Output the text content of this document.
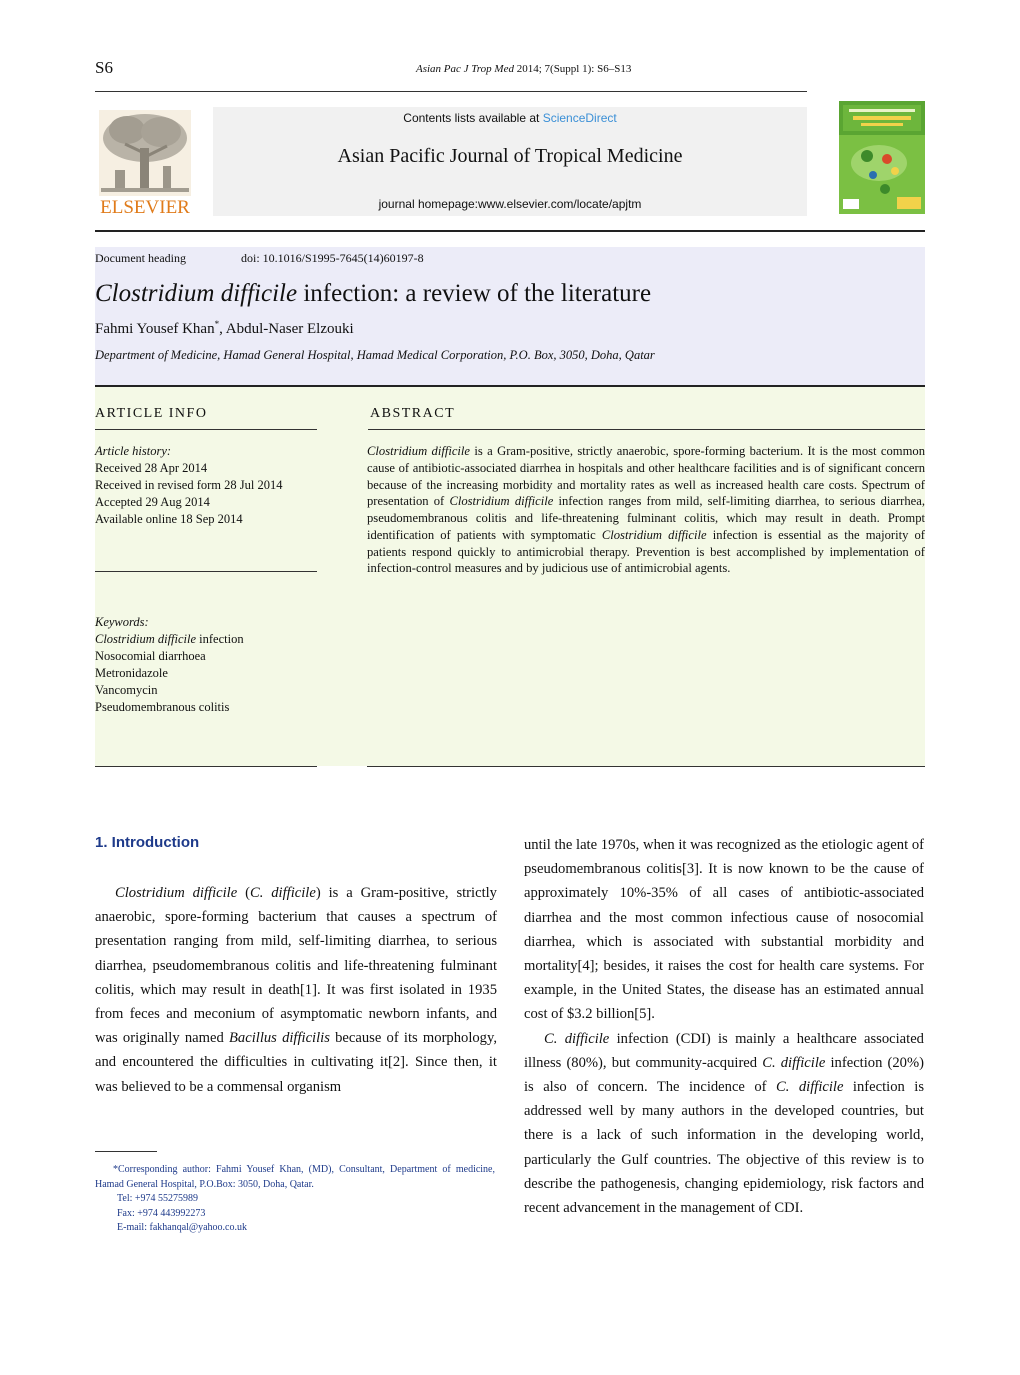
S6	Asian Pac J Trop Med 2014; 7(Suppl 1): S6–S13
ELSEVIER
Contents lists available at ScienceDirect
Asian Pacific Journal of Tropical Medicine
journal homepage:www.elsevier.com/locate/apjtm
Document heading	doi: 10.1016/S1995-7645(14)60197-8
Clostridium difficile infection: a review of the literature
Fahmi Yousef Khan*, Abdul-Naser Elzouki
Department of Medicine, Hamad General Hospital, Hamad Medical Corporation, P.O. Box, 3050, Doha, Qatar
ARTICLE INFO	ABSTRACT
Article history:
Received 28 Apr 2014
Received in revised form 28 Jul 2014
Accepted 29 Aug 2014
Available online 18 Sep 2014
Keywords:
Clostridium difficile infection
Nosocomial diarrhoea
Metronidazole
Vancomycin
Pseudomembranous colitis
Clostridium difficile is a Gram-positive, strictly anaerobic, spore-forming bacterium. It is the most common cause of antibiotic-associated diarrhea in hospitals and other healthcare facilities and is of significant concern because of the increasing morbidity and mortality rates as well as increased health care costs. Spectrum of presentation of Clostridium difficile infection ranges from mild, self-limiting diarrhea, to serious diarrhea, pseudomembranous colitis and life-threatening fulminant colitis, which may result in death. Prompt identification of patients with symptomatic Clostridium difficile infection is essential as the majority of patients respond quickly to antimicrobial therapy. Prevention is best accomplished by implementation of infection-control measures and by judicious use of antimicrobial agents.
1. Introduction

Clostridium difficile (C. difficile) is a Gram-positive, strictly anaerobic, spore-forming bacterium that causes a spectrum of presentation ranging from mild, self-limiting diarrhea, to serious diarrhea, pseudomembranous colitis and life-threatening fulminant colitis, which may result in death[1]. It was first isolated in 1935 from feces and meconium of asymptomatic newborn infants, and was originally named Bacillus difficilis because of its morphology, and encountered the difficulties in cultivating it[2]. Since then, it was believed to be a commensal organism

*Corresponding author: Fahmi Yousef Khan, (MD), Consultant, Department of medicine, Hamad General Hospital, P.O.Box: 3050, Doha, Qatar.

Tel: +974 55275989

Fax: +974 443992273

E-mail: fakhanqal@yahoo.co.uk

until the late 1970s, when it was recognized as the etiologic agent of pseudomembranous colitis[3]. It is now known to be the cause of approximately 10%-35% of all cases of antibiotic-associated diarrhea and the most common infectious cause of nosocomial diarrhea, which is associated with substantial morbidity and mortality[4]; besides, it raises the cost for health care systems. For example, in the United States, the disease has an estimated annual cost of $3.2 billion[5].

C. difficile infection (CDI) is mainly a healthcare associated illness (80%), but community-acquired C. difficile infection (20%) is also of concern. The incidence of C. difficile infection is addressed well by many authors in the developed countries, but there is a lack of such information in the developing world, particularly the Gulf countries. The objective of this review is to describe the pathogenesis, changing epidemiology, risk factors and recent advancement in the management of CDI.
